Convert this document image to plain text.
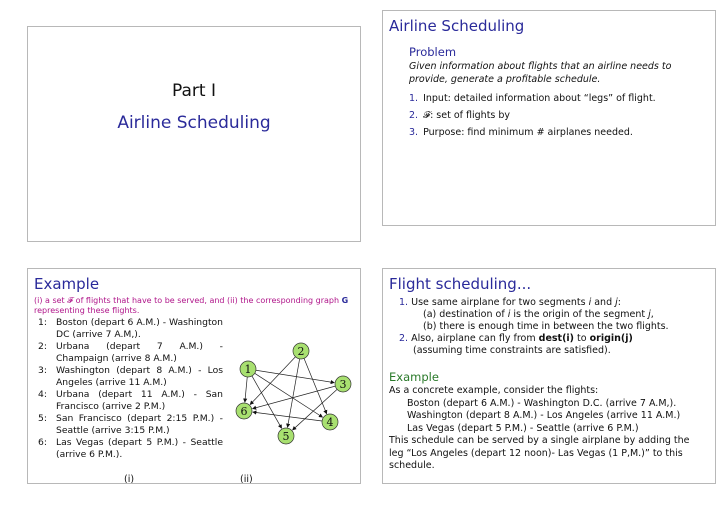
Part I
Airline Scheduling
Airline Scheduling
Problem
Given information about flights that an airline needs to provide, generate a profitable schedule.
1. Input: detailed information about “legs” of flight.
2. 𝓕: set of flights by
3. Purpose: find minimum # airplanes needed.
Example
(i) a set 𝓕 of flights that have to be served, and (ii) the corresponding graph G representing these flights.
1: Boston (depart 6 A.M.) - Washington DC (arrive 7 A.M,).
2: Urbana (depart 7 A.M.) - Champaign (arrive 8 A.M.)
3: Washington (depart 8 A.M.) - Los Angeles (arrive 11 A.M.)
4: Urbana (depart 11 A.M.) - San Francisco (arrive 2 P.M.)
5: San Francisco (depart 2:15 P.M.) - Seattle (arrive 3:15 P.M.)
6: Las Vegas (depart 5 P.M.) - Seattle (arrive 6 P.M.).
(i)	(ii)
1
2
3
4
5
6
Flight scheduling...
1. Use same airplane for two segments i and j:
(a) destination of i is the origin of the segment j,
(b) there is enough time in between the two flights.
2. Also, airplane can fly from dest(i) to origin(j)
(assuming time constraints are satisfied).
Example
As a concrete example, consider the flights:
Boston (depart 6 A.M.) - Washington D.C. (arrive 7 A.M,).
Washington (depart 8 A.M.) - Los Angeles (arrive 11 A.M.)
Las Vegas (depart 5 P.M.) - Seattle (arrive 6 P.M.)
This schedule can be served by a single airplane by adding the leg “Los Angeles (depart 12 noon)- Las Vegas (1 P,M.)” to this schedule.
